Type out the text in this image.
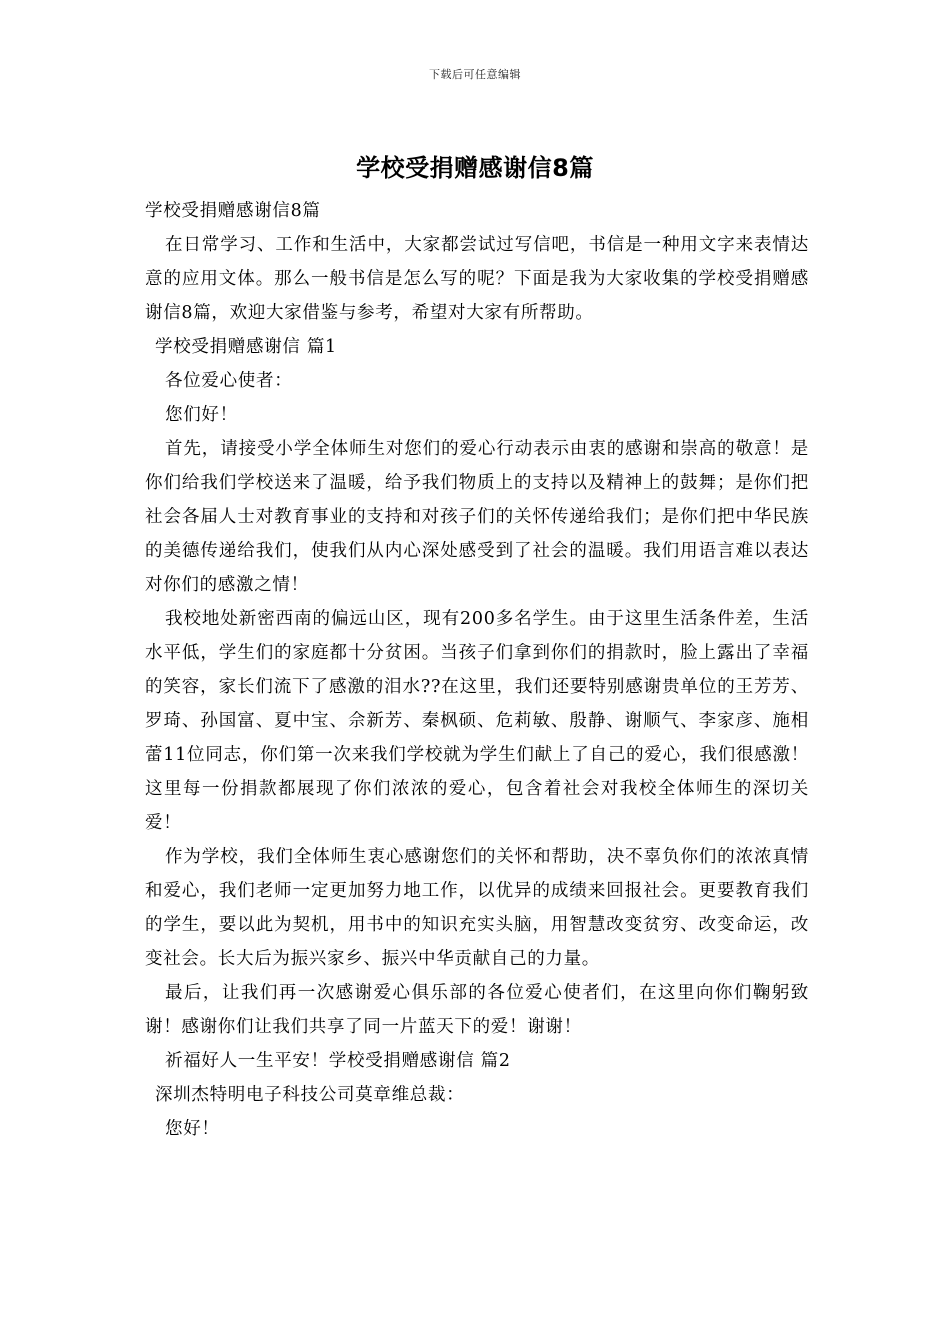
下载后可任意编辑
学校受捐赠感谢信8篇

学校受捐赠感谢信8篇

在日常学习、工作和生活中，大家都尝试过写信吧，书信是一种用文字来表情达意的应用文体。那么一般书信是怎么写的呢？下面是我为大家收集的学校受捐赠感谢信8篇，欢迎大家借鉴与参考，希望对大家有所帮助。

学校受捐赠感谢信 篇1

各位爱心使者：

您们好！

首先，请接受小学全体师生对您们的爱心行动表示由衷的感谢和崇高的敬意！是你们给我们学校送来了温暖，给予我们物质上的支持以及精神上的鼓舞；是你们把社会各届人士对教育事业的支持和对孩子们的关怀传递给我们；是你们把中华民族的美德传递给我们，使我们从内心深处感受到了社会的温暖。我们用语言难以表达对你们的感激之情！

我校地处新密西南的偏远山区，现有200多名学生。由于这里生活条件差，生活水平低，学生们的家庭都十分贫困。当孩子们拿到你们的捐款时，脸上露出了幸福的笑容，家长们流下了感激的泪水??在这里，我们还要特别感谢贵单位的王芳芳、罗琦、孙国富、夏中宝、佘新芳、秦枫硕、危莉敏、殷静、谢顺气、李家彦、施相蕾11位同志，你们第一次来我们学校就为学生们献上了自己的爱心，我们很感激！这里每一份捐款都展现了你们浓浓的爱心，包含着社会对我校全体师生的深切关爱！

作为学校，我们全体师生衷心感谢您们的关怀和帮助，决不辜负你们的浓浓真情和爱心，我们老师一定更加努力地工作，以优异的成绩来回报社会。更要教育我们的学生，要以此为契机，用书中的知识充实头脑，用智慧改变贫穷、改变命运，改变社会。长大后为振兴家乡、振兴中华贡献自己的力量。

最后，让我们再一次感谢爱心俱乐部的各位爱心使者们，在这里向你们鞠躬致谢！感谢你们让我们共享了同一片蓝天下的爱！谢谢！

祈福好人一生平安！学校受捐赠感谢信 篇2

深圳杰特明电子科技公司莫章维总裁：

您好！
